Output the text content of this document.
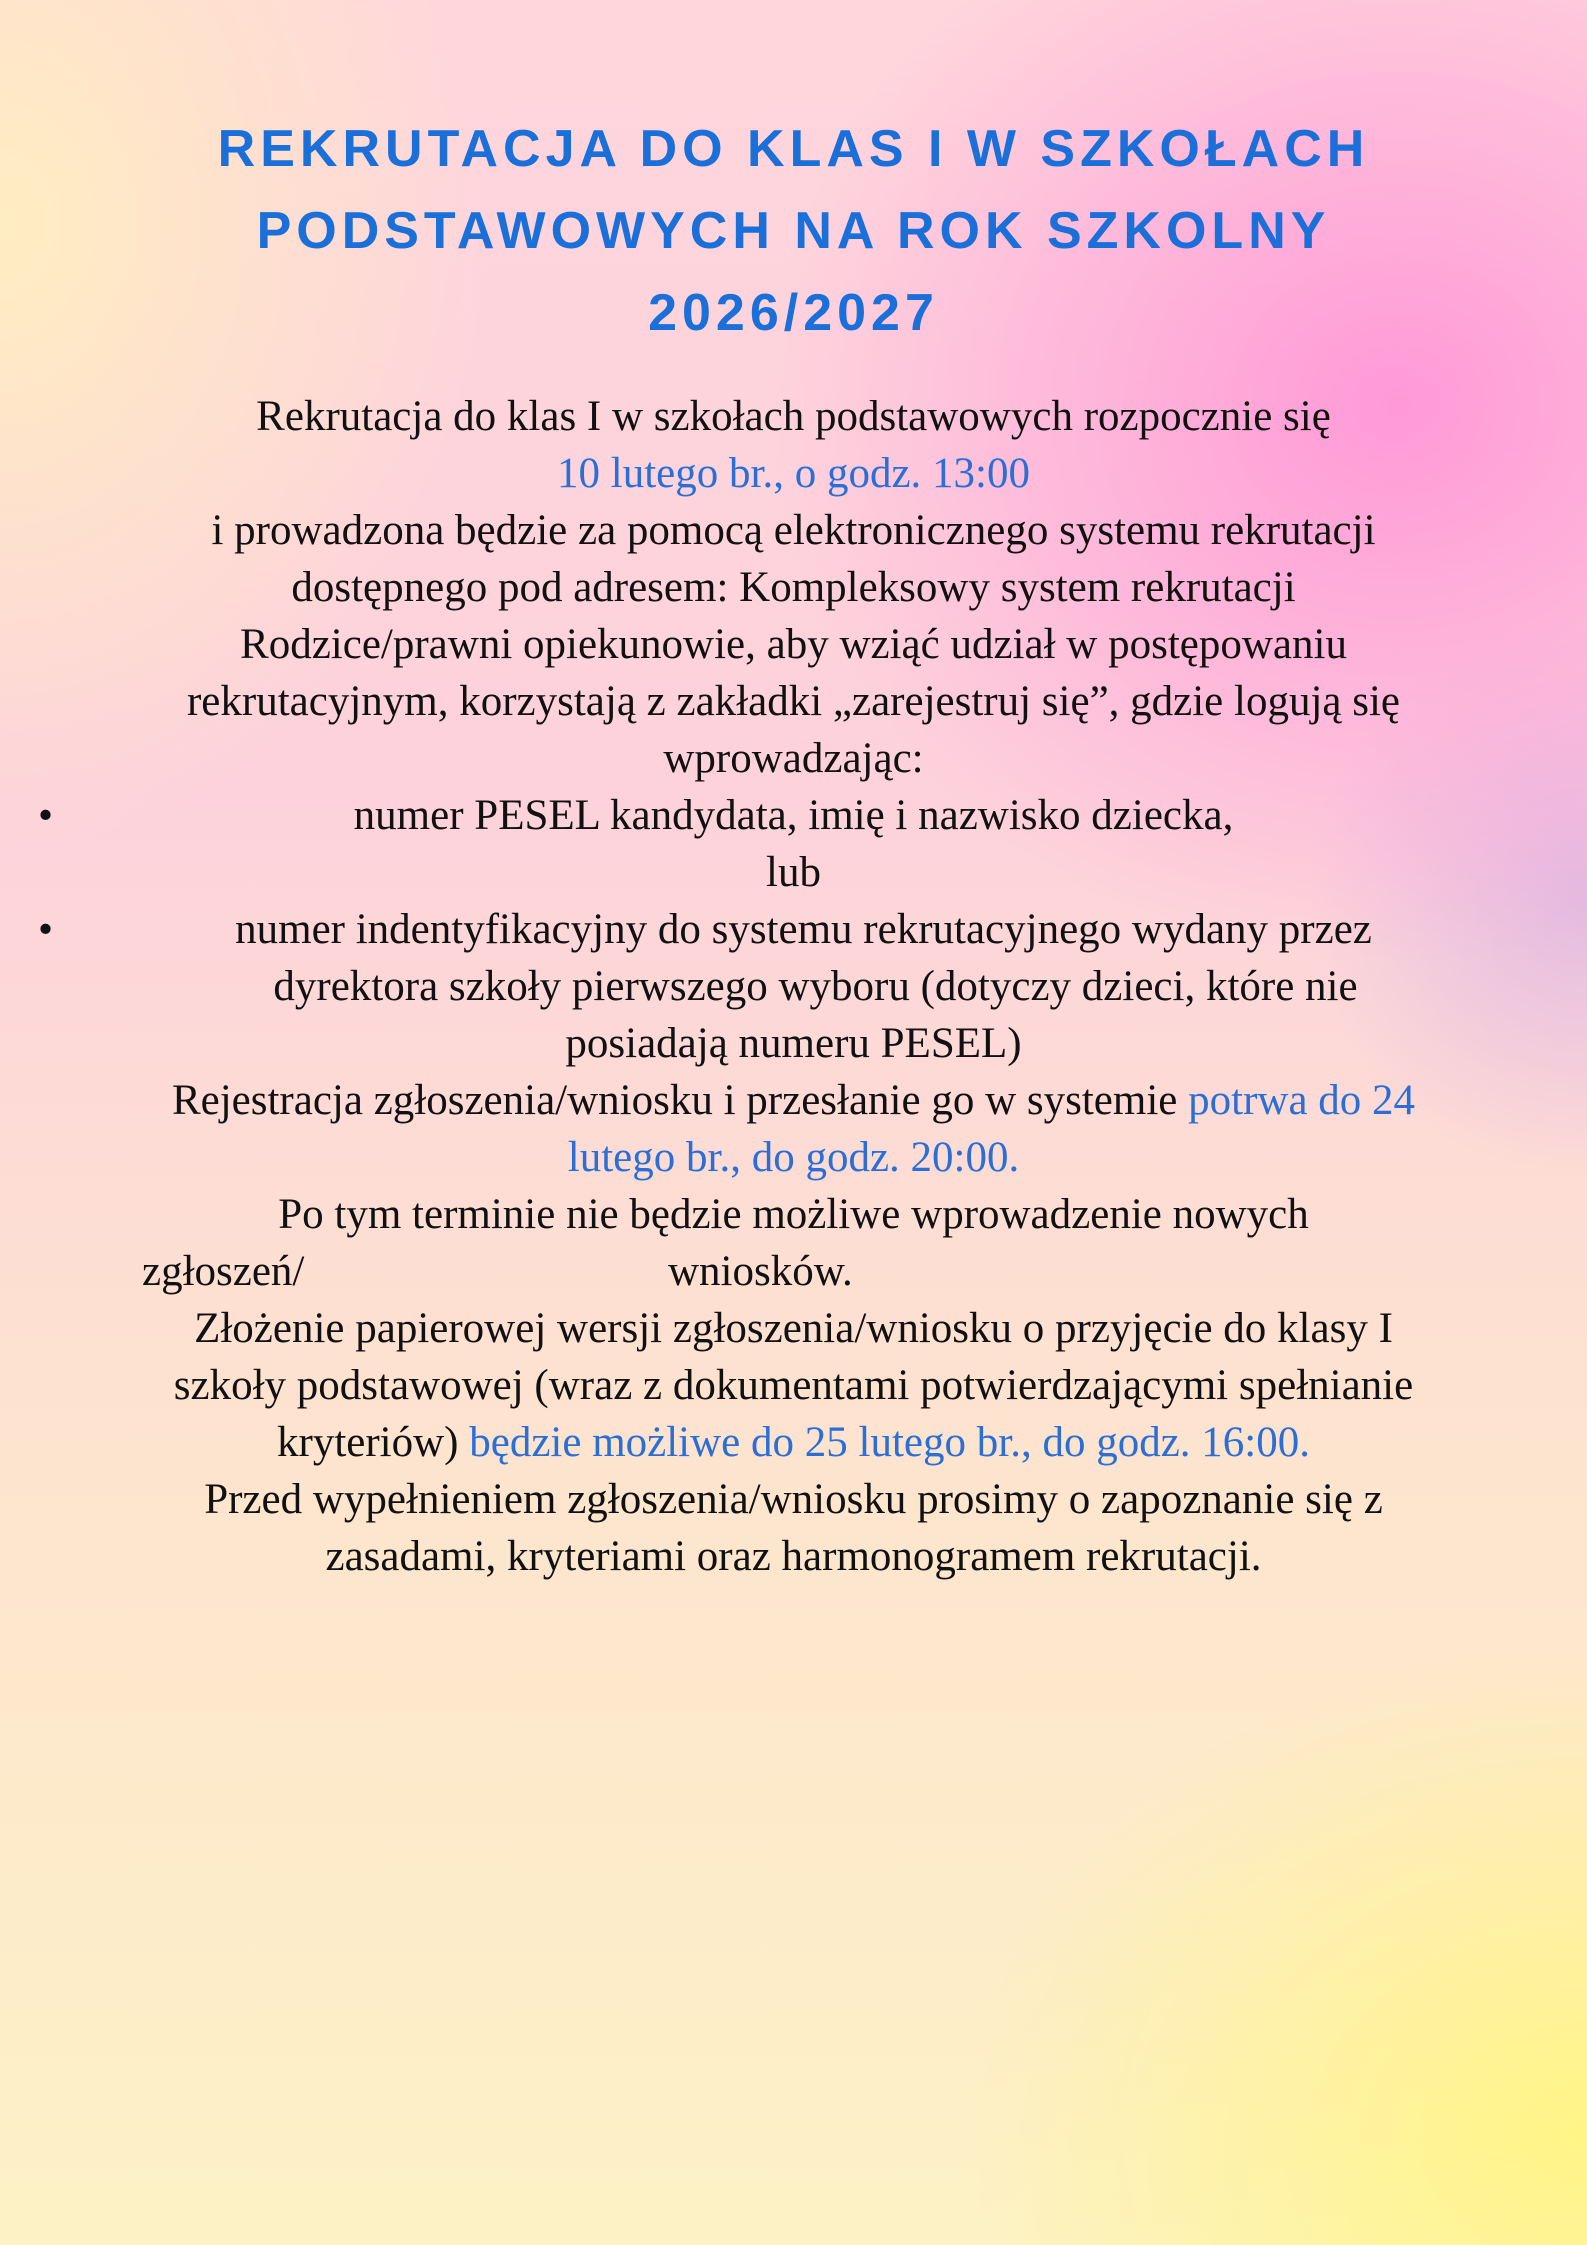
REKRUTACJA DO KLAS I W SZKOŁACH
PODSTAWOWYCH NA ROK SZKOLNY
2026/2027
Rekrutacja do klas I w szkołach podstawowych rozpocznie się
10 lutego br., o godz. 13:00
i prowadzona będzie za pomocą elektronicznego systemu rekrutacji
dostępnego pod adresem: Kompleksowy system rekrutacji
Rodzice/prawni opiekunowie, aby wziąć udział w postępowaniu
rekrutacyjnym, korzystają z zakładki „zarejestruj się”, gdzie logują się
wprowadzając:
•	numer PESEL kandydata, imię i nazwisko dziecka,
lub
•	numer indentyfikacyjny do systemu rekrutacyjnego wydany przez
dyrektora szkoły pierwszego wyboru (dotyczy dzieci, które nie
posiadają numeru PESEL)
Rejestracja zgłoszenia/wniosku i przesłanie go w systemie potrwa do 24
lutego br., do godz. 20:00.
Po tym terminie nie będzie możliwe wprowadzenie nowych
zgłoszeń/	wniosków.
Złożenie papierowej wersji zgłoszenia/wniosku o przyjęcie do klasy I
szkoły podstawowej (wraz z dokumentami potwierdzającymi spełnianie
kryteriów) będzie możliwe do 25 lutego br., do godz. 16:00.
Przed wypełnieniem zgłoszenia/wniosku prosimy o zapoznanie się z
zasadami, kryteriami oraz harmonogramem rekrutacji.
